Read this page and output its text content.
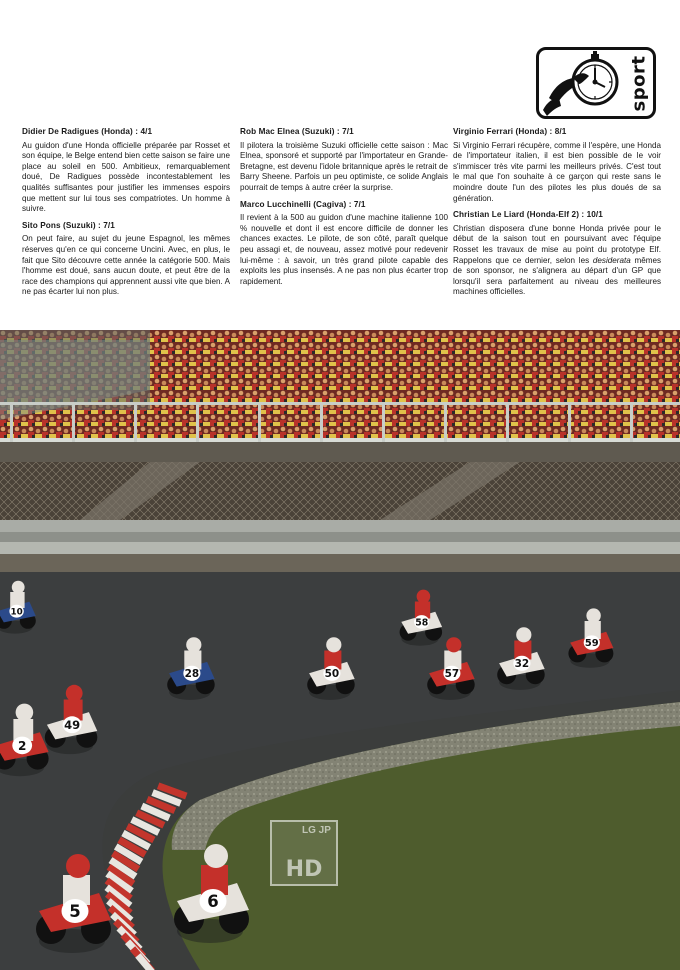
sport

Didier De Radigues (Honda) : 4/1

Au guidon d'une Honda officielle préparée par Rosset et son équipe, le Belge entend bien cette saison se faire une place au soleil en 500. Ambitieux, remarquablement doué, De Radigues possède incontestablement les qualités suffisantes pour justifier les immenses espoirs que mettent sur lui tous ses compatriotes. Un homme à suivre.

Sito Pons (Suzuki) : 7/1

On peut faire, au sujet du jeune Espagnol, les mêmes réserves qu'en ce qui concerne Uncini. Avec, en plus, le fait que Sito découvre cette année la catégorie 500. Mais l'homme est doué, sans aucun doute, et peut être de la race des champions qui apprennent aussi vite que bien. A ne pas écarter lui non plus.

Rob Mac Elnea (Suzuki) : 7/1

Il pilotera la troisième Suzuki officielle cette saison : Mac Elnea, sponsoré et supporté par l'importateur en Grande-Bretagne, est devenu l'idole britannique après le retrait de Barry Sheene. Parfois un peu optimiste, ce solide Anglais pourrait de temps à autre créer la surprise.

Marco Lucchinelli (Cagiva) : 7/1

Il revient à la 500 au guidon d'une machine italienne 100 % nouvelle et dont il est encore difficile de donner les chances exactes. Le pilote, de son côté, paraît quelque peu assagi et, de nouveau, assez motivé pour redevenir lui-même : à savoir, un très grand pilote capable des exploits les plus insensés. A ne pas non plus écarter trop rapidement.

Virginio Ferrari (Honda) : 8/1

Si Virginio Ferrari récupère, comme il l'espère, une Honda de l'importateur italien, il est bien possible de le voir s'immiscer très vite parmi les meilleurs privés. C'est tout le mal que l'on souhaite à ce garçon qui reste sans le moindre doute l'un des pilotes les plus doués de sa génération.

Christian Le Liard (Honda-Elf 2) : 10/1

Christian disposera d'une bonne Honda privée pour le début de la saison tout en poursuivant avec l'équipe Rosset les travaux de mise au point du prototype Elf. Rappelons que ce dernier, selon les desiderata mêmes de son sponsor, ne s'alignera au départ d'un GP que lorsqu'il sera parfaitement au niveau des meilleures machines officielles.

5
6
2
49
28	50	57
32
59
58
10
LG JP
HD
